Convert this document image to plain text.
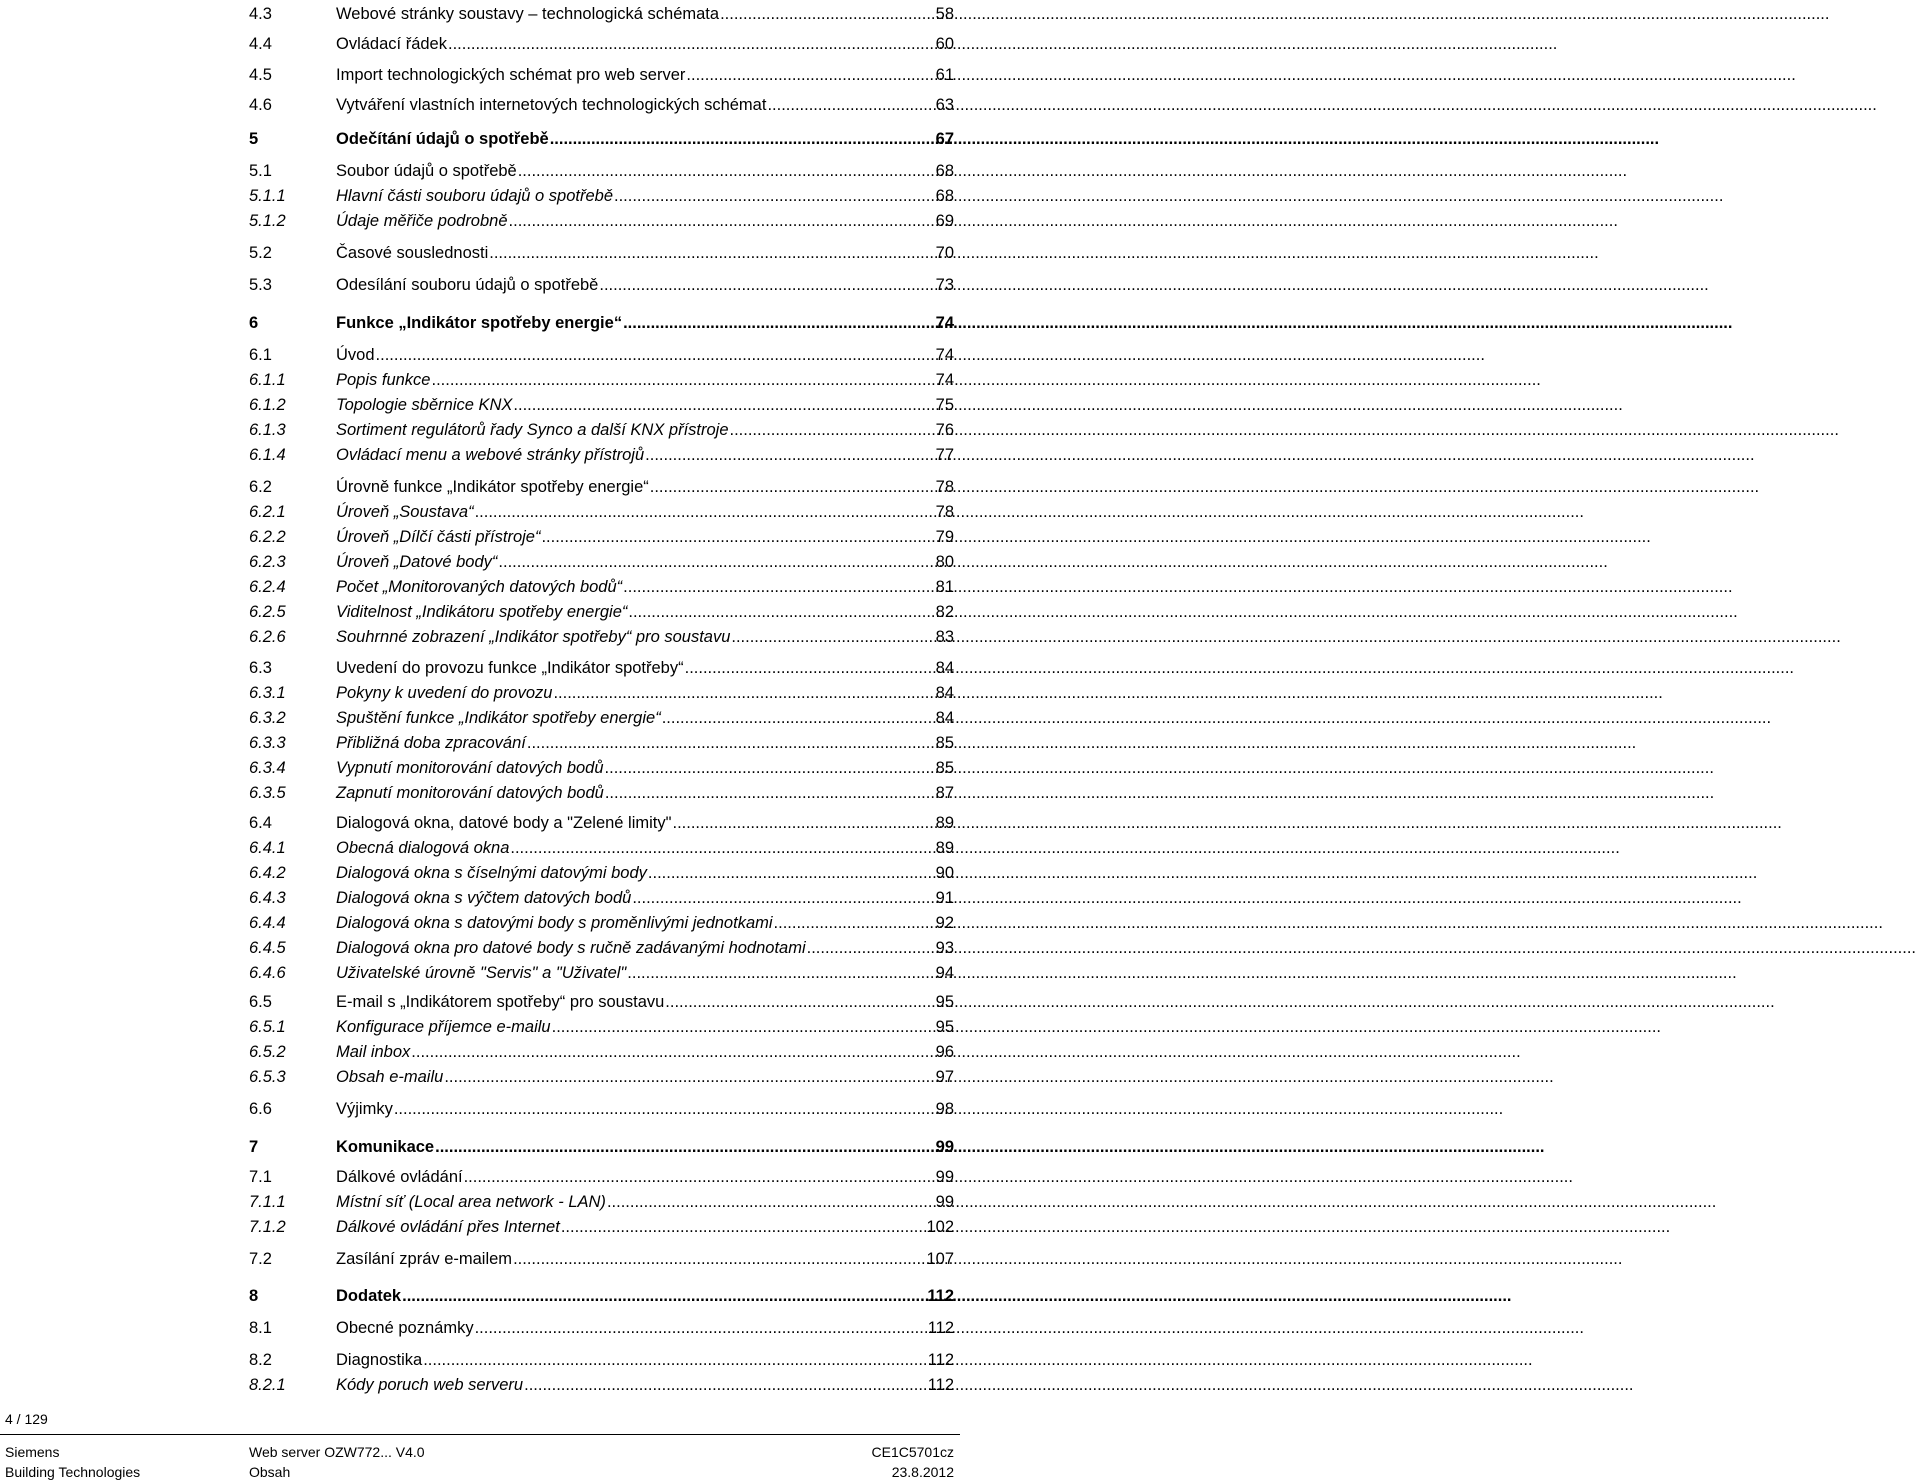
4.3	Webové stránky soustavy – technologická schémata .....	58
4.4	Ovládací řádek .....	60
4.5	Import technologických schémat pro web server .....	61
4.6	Vytváření vlastních internetových technologických schémat .....	63
5	Odečítání údajů o spotřebě .....	67
5.1	Soubor údajů o spotřebě .....	68
5.1.1	Hlavní části souboru údajů o spotřebě .....	68
5.1.2	Údaje měřiče podrobně .....	69
5.2	Časové souslednosti .....	70
5.3	Odesílání souboru údajů o spotřebě .....	73
6	Funkce „Indikátor spotřeby energie“ .....	74
6.1	Úvod .....	74
6.1.1	Popis funkce .....	74
6.1.2	Topologie sběrnice KNX .....	75
6.1.3	Sortiment regulátorů řady Synco a další KNX přístroje .....	76
6.1.4	Ovládací menu a webové stránky přístrojů .....	77
6.2	Úrovně funkce „Indikátor spotřeby energie“ .....	78
6.2.1	Úroveň „Soustava“ .....	78
6.2.2	Úroveň „Dílčí části přístroje“ .....	79
6.2.3	Úroveň „Datové body“ .....	80
6.2.4	Počet „Monitorovaných datových bodů“ .....	81
6.2.5	Viditelnost „Indikátoru spotřeby energie“ .....	82
6.2.6	Souhrnné zobrazení „Indikátor spotřeby“ pro soustavu .....	83
6.3	Uvedení do provozu funkce „Indikátor spotřeby“ .....	84
6.3.1	Pokyny k uvedení do provozu .....	84
6.3.2	Spuštění funkce „Indikátor spotřeby energie“ .....	84
6.3.3	Přibližná doba zpracování .....	85
6.3.4	Vypnutí monitorování datových bodů .....	85
6.3.5	Zapnutí monitorování datových bodů .....	87
6.4	Dialogová okna, datové body a "Zelené limity" .....	89
6.4.1	Obecná dialogová okna .....	89
6.4.2	Dialogová okna s číselnými datovými body .....	90
6.4.3	Dialogová okna s výčtem datových bodů .....	91
6.4.4	Dialogová okna s datovými body s proměnlivými jednotkami .....	92
6.4.5	Dialogová okna pro datové body s ručně zadávanými hodnotami .....	93
6.4.6	Uživatelské úrovně "Servis" a "Uživatel" .....	94
6.5	E-mail s „Indikátorem spotřeby“ pro soustavu .....	95
6.5.1	Konfigurace příjemce e-mailu .....	95
6.5.2	Mail inbox .....	96
6.5.3	Obsah e-mailu .....	97
6.6	Výjimky .....	98
7	Komunikace .....	99
7.1	Dálkové ovládání .....	99
7.1.1	Místní síť (Local area network - LAN) .....	99
7.1.2	Dálkové ovládání přes Internet .....	102
7.2	Zasílání zpráv e-mailem .....	107
8	Dodatek .....	112
8.1	Obecné poznámky .....	112
8.2	Diagnostika .....	112
8.2.1	Kódy poruch web serveru .....	112
4 / 129
Siemens
Building Technologies
Web server OZW772... V4.0
Obsah
CE1C5701cz
23.8.2012
